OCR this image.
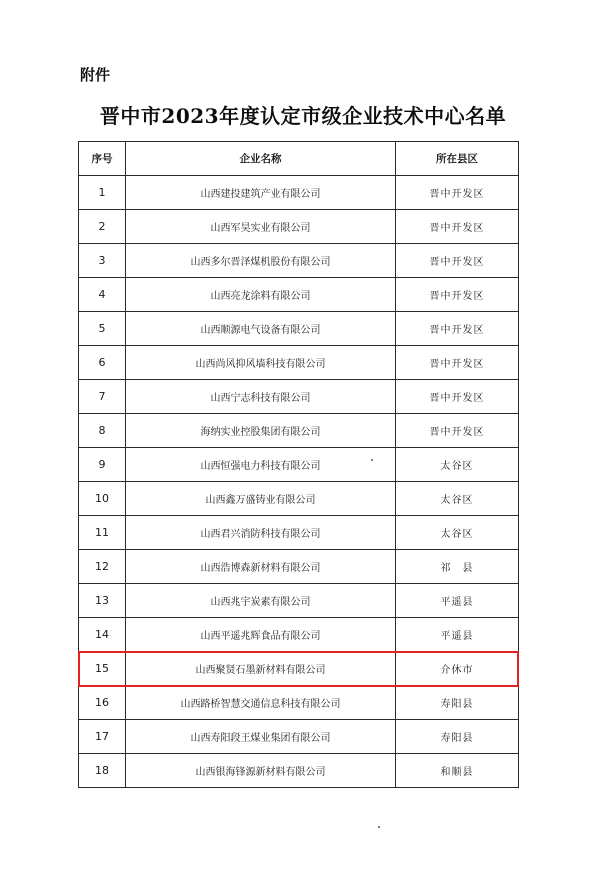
附件
晋中市2023年度认定市级企业技术中心名单
序号	企业名称	所在县区
1	山西建投建筑产业有限公司	晋中开发区
2	山西军昊实业有限公司	晋中开发区
3	山西多尔晋泽煤机股份有限公司	晋中开发区
4	山西亮龙涂料有限公司	晋中开发区
5	山西顺源电气设备有限公司	晋中开发区
6	山西尚风抑风墙科技有限公司	晋中开发区
7	山西宁志科技有限公司	晋中开发区
8	海纳实业控股集团有限公司	晋中开发区
9	山西恒强电力科技有限公司	太谷区
10	山西鑫万盛铸业有限公司	太谷区
11	山西君兴消防科技有限公司	太谷区
12	山西浩博森新材料有限公司	祁　县
13	山西兆宇炭素有限公司	平遥县
14	山西平遥兆辉食品有限公司	平遥县
15	山西聚贤石墨新材料有限公司	介休市
16	山西路桥智慧交通信息科技有限公司	寿阳县
17	山西寿阳段王煤业集团有限公司	寿阳县
18	山西银海锋源新材料有限公司	和顺县
